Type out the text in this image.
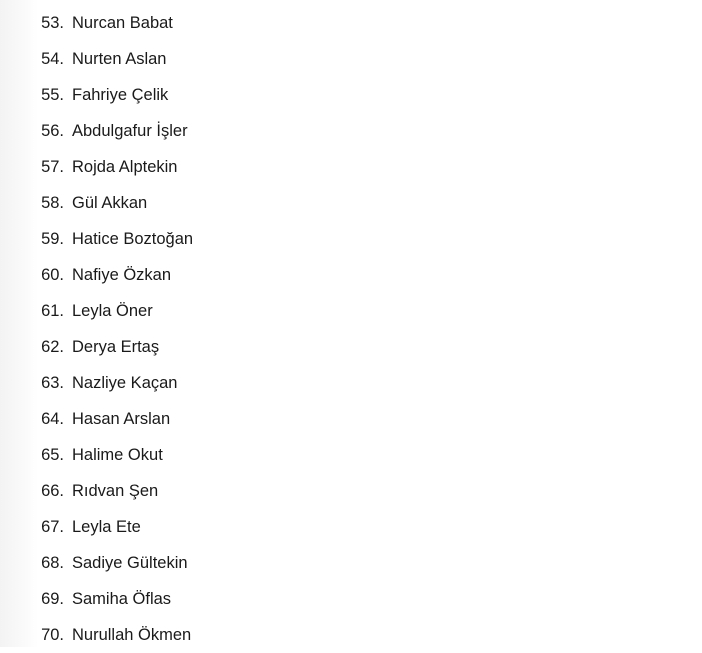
53. Nurcan Babat
54. Nurten Aslan
55. Fahriye Çelik
56. Abdulgafur İşler
57. Rojda Alptekin
58. Gül Akkan
59. Hatice Boztoğan
60. Nafiye Özkan
61. Leyla Öner
62. Derya Ertaş
63. Nazliye Kaçan
64. Hasan Arslan
65. Halime Okut
66. Rıdvan Şen
67. Leyla Ete
68. Sadiye Gültekin
69. Samiha Öflas
70. Nurullah Ökmen
